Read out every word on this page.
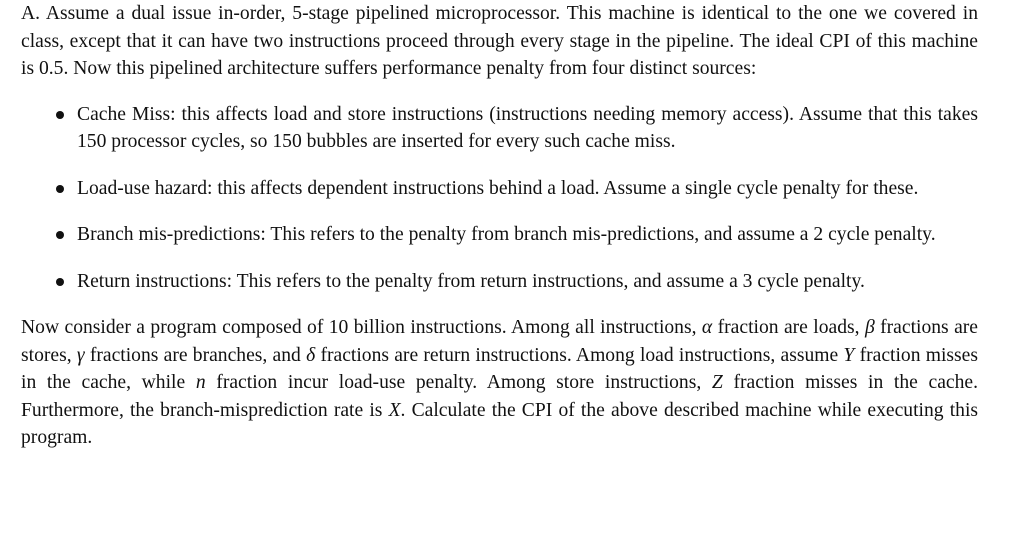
A. Assume a dual issue in-order, 5-stage pipelined microprocessor. This machine is identical to the one we covered in class, except that it can have two instructions proceed through every stage in the pipeline. The ideal CPI of this machine is 0.5. Now this pipelined architecture suffers performance penalty from four distinct sources:

Cache Miss: this affects load and store instructions (instructions needing memory access). Assume that this takes 150 processor cycles, so 150 bubbles are inserted for every such cache miss.
Load-use hazard: this affects dependent instructions behind a load. Assume a single cycle penalty for these.
Branch mis-predictions: This refers to the penalty from branch mis-predictions, and assume a 2 cycle penalty.
Return instructions: This refers to the penalty from return instructions, and assume a 3 cycle penalty.

Now consider a program composed of 10 billion instructions. Among all instructions, α fraction are loads, β fractions are stores, γ fractions are branches, and δ fractions are return instructions. Among load instructions, assume Y fraction misses in the cache, while n fraction incur load-use penalty. Among store instructions, Z fraction misses in the cache. Furthermore, the branch-misprediction rate is X. Calculate the CPI of the above described machine while executing this program.
